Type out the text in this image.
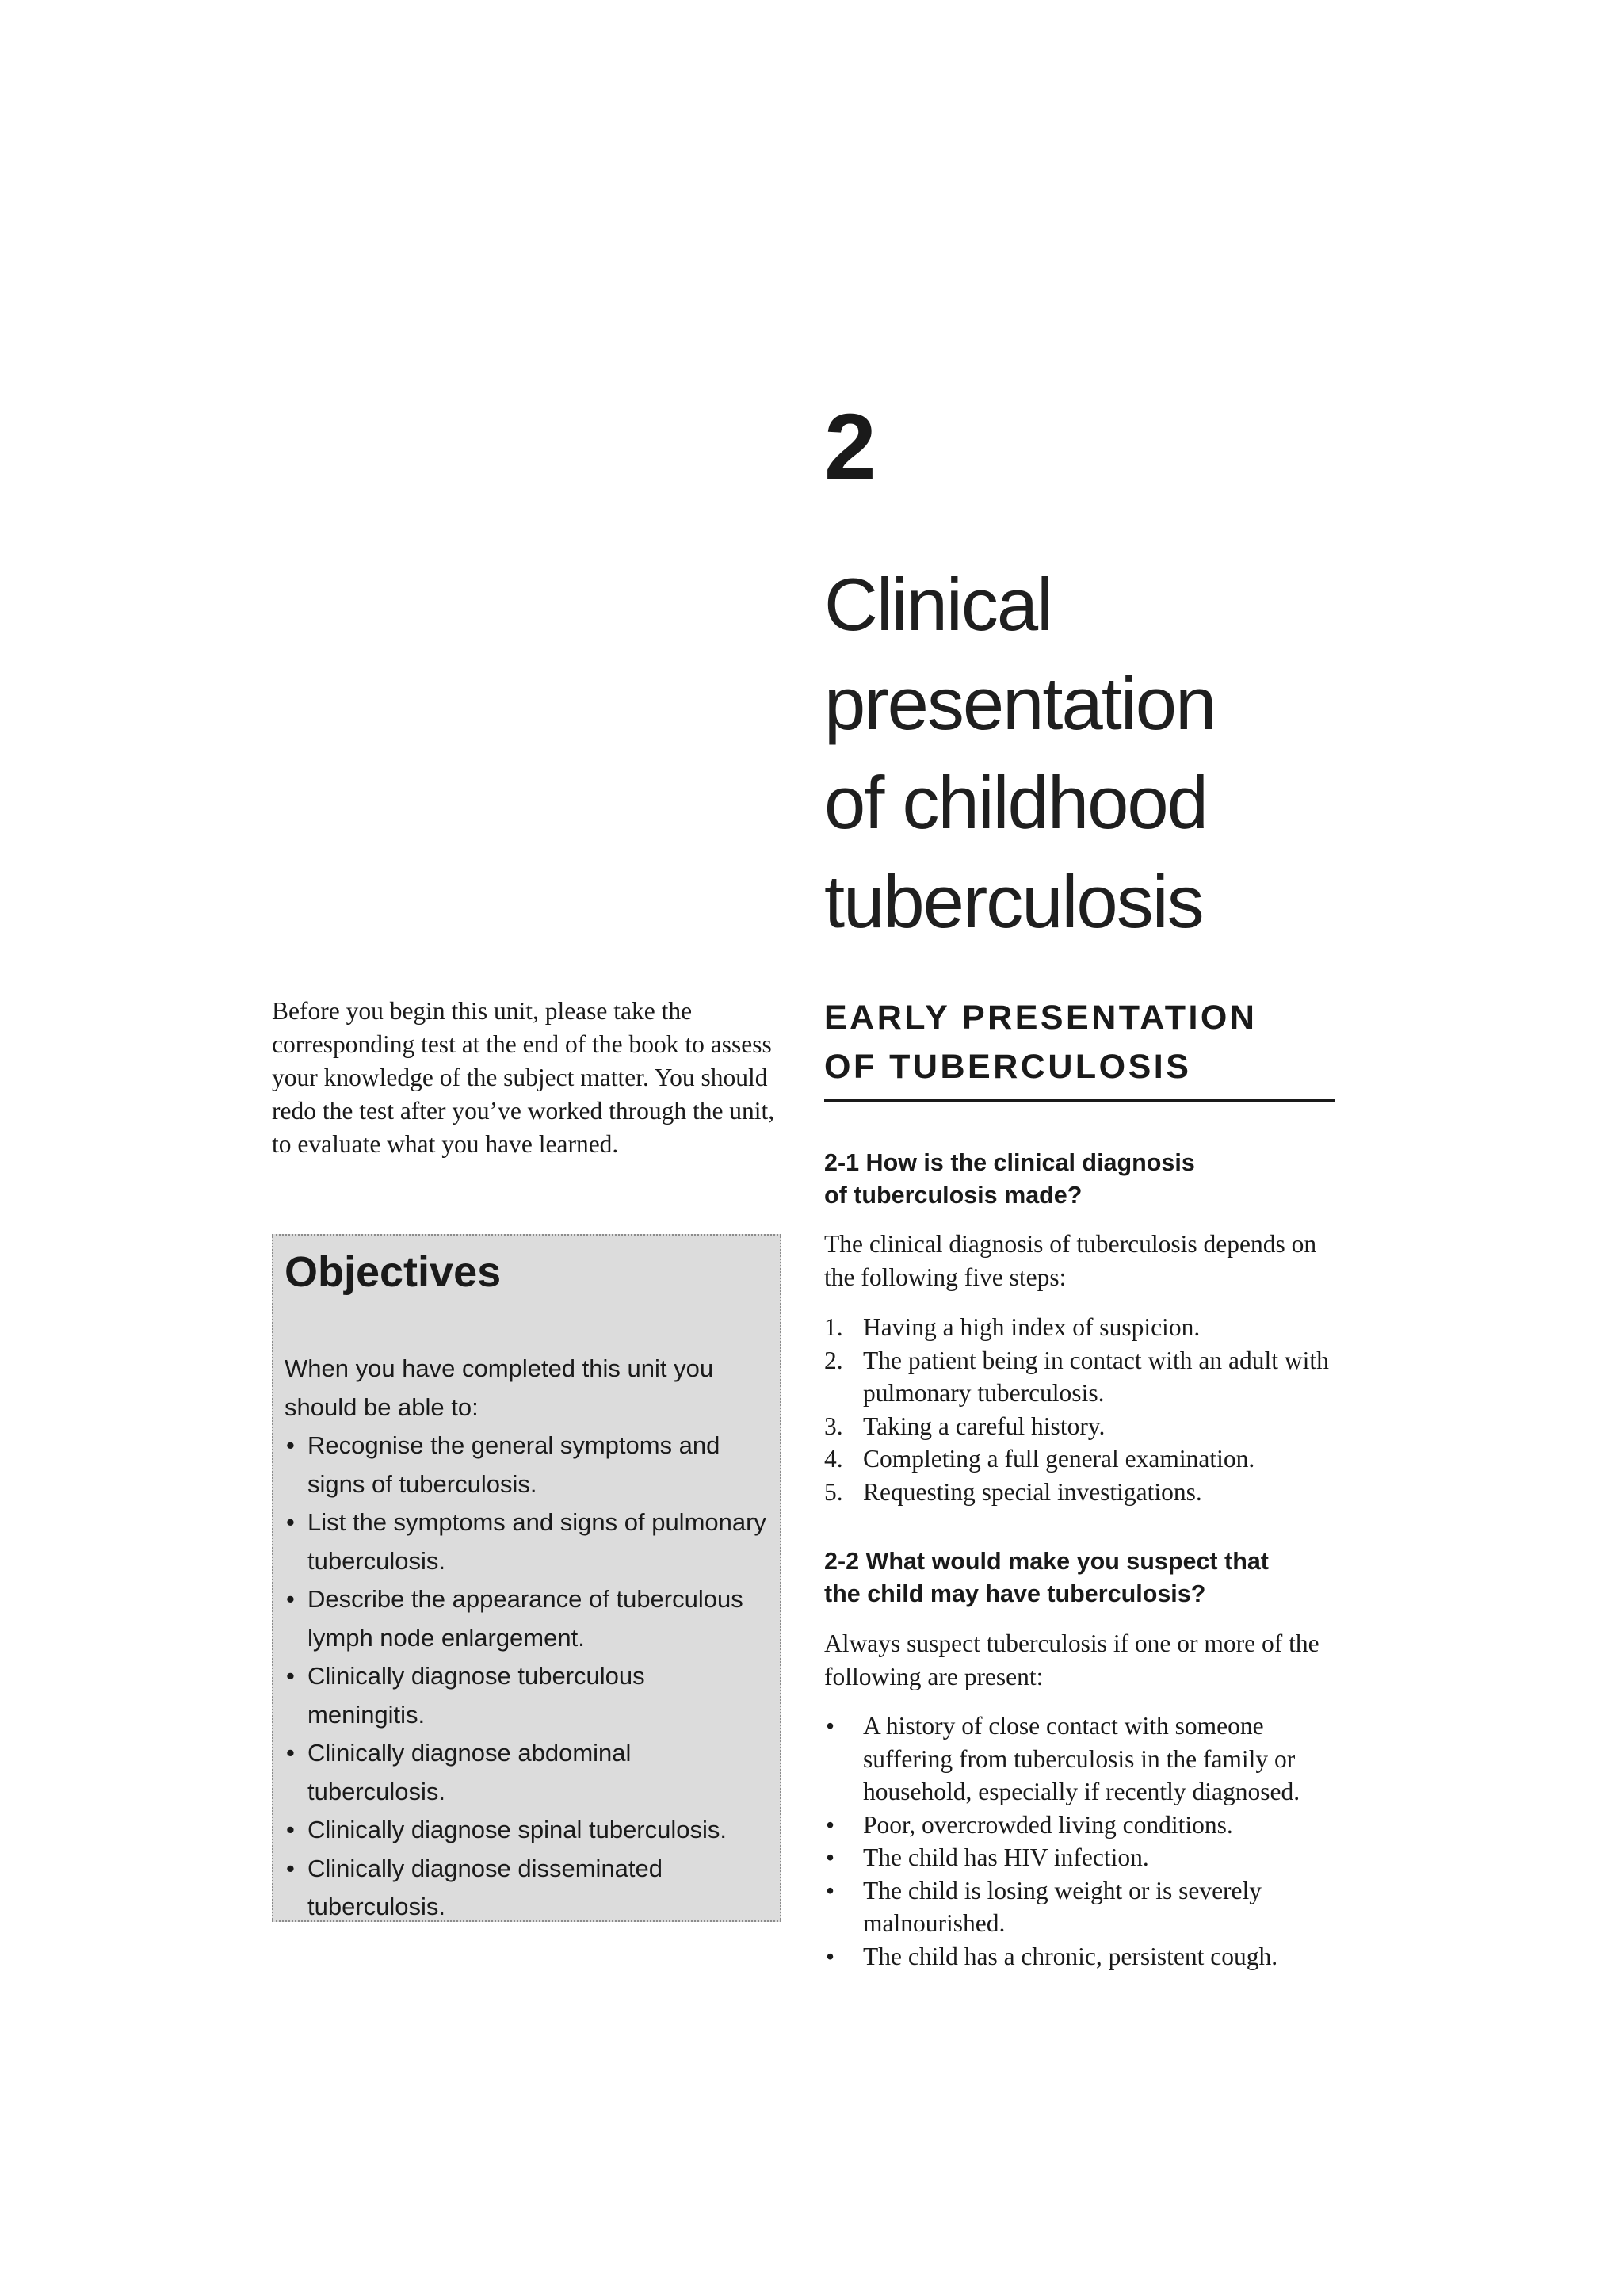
2
Clinical
presentation
of childhood
tuberculosis
Before you begin this unit, please take the corresponding test at the end of the book to assess your knowledge of the subject matter. You should redo the test after you’ve worked through the unit, to evaluate what you have learned.
Objectives
When you have completed this unit you should be able to:
• Recognise the general symptoms and signs of tuberculosis.
• List the symptoms and signs of pulmonary tuberculosis.
• Describe the appearance of tuberculous lymph node enlargement.
• Clinically diagnose tuberculous meningitis.
• Clinically diagnose abdominal tuberculosis.
• Clinically diagnose spinal tuberculosis.
• Clinically diagnose disseminated tuberculosis.
EARLY PRESENTATION
OF TUBERCULOSIS
2-1 How is the clinical diagnosis
of tuberculosis made?
The clinical diagnosis of tuberculosis depends on the following five steps:
1. Having a high index of suspicion.
2. The patient being in contact with an adult with pulmonary tuberculosis.
3. Taking a careful history.
4. Completing a full general examination.
5. Requesting special investigations.
2-2 What would make you suspect that
the child may have tuberculosis?
Always suspect tuberculosis if one or more of the following are present:
• A history of close contact with someone suffering from tuberculosis in the family or household, especially if recently diagnosed.
• Poor, overcrowded living conditions.
• The child has HIV infection.
• The child is losing weight or is severely malnourished.
• The child has a chronic, persistent cough.
